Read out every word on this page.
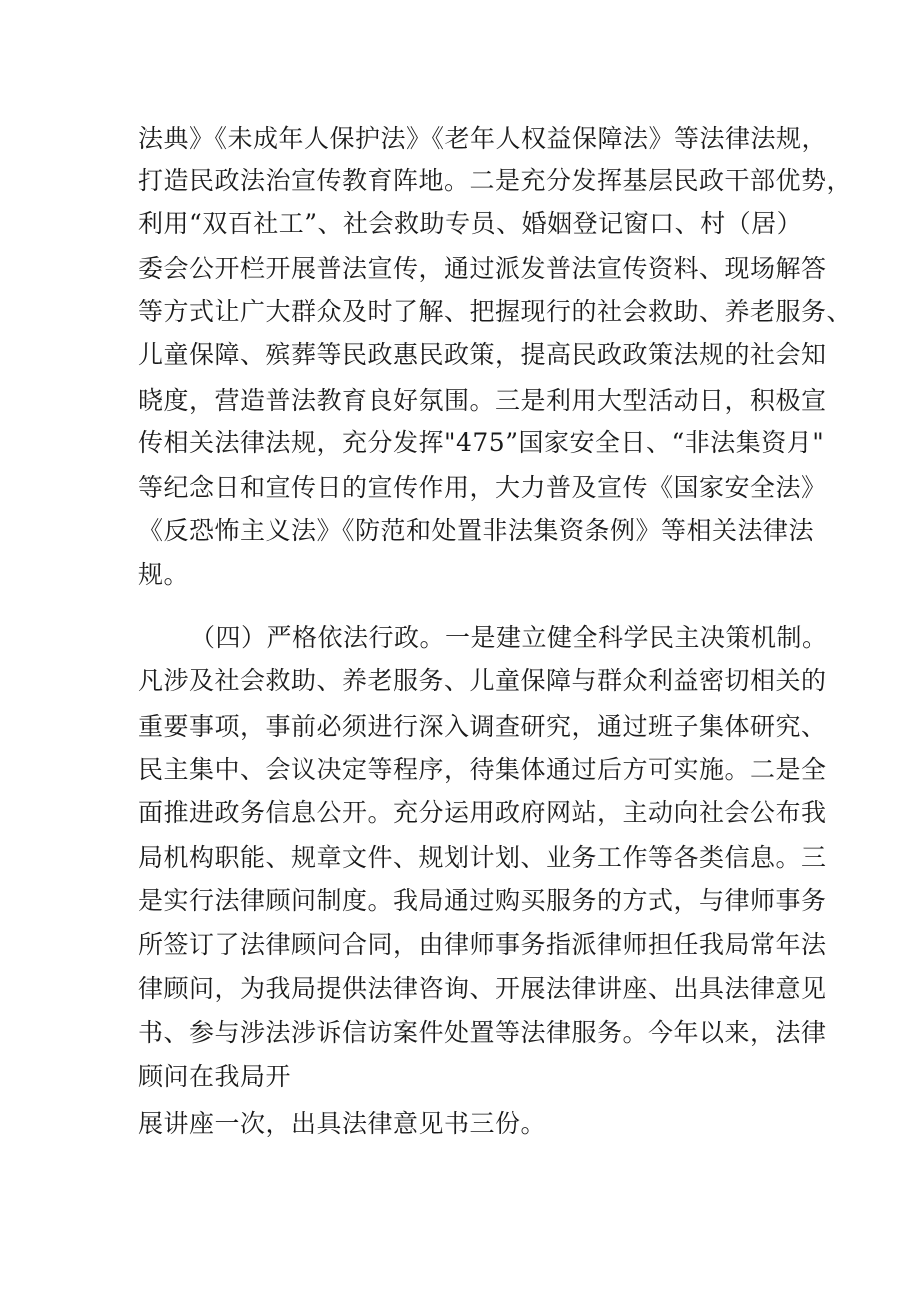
法典》《未成年人保护法》《老年人权益保障法》等法律法规，
打造民政法治宣传教育阵地。二是充分发挥基层民政干部优势，
利用“双百社工”、社会救助专员、婚姻登记窗口、村（居）
委会公开栏开展普法宣传，通过派发普法宣传资料、现场解答
等方式让广大群众及时了解、把握现行的社会救助、养老服务、
儿童保障、殡葬等民政惠民政策，提高民政政策法规的社会知
晓度，营造普法教育良好氛围。三是利用大型活动日，积极宣
传相关法律法规，充分发挥"475”国家安全日、“非法集资月"
等纪念日和宣传日的宣传作用，大力普及宣传《国家安全法》
《反恐怖主义法》《防范和处置非法集资条例》等相关法律法
规。
（四）严格依法行政。一是建立健全科学民主决策机制。
凡涉及社会救助、养老服务、儿童保障与群众利益密切相关的
重要事项，事前必须进行深入调查研究，通过班子集体研究、
民主集中、会议决定等程序，待集体通过后方可实施。二是全
面推进政务信息公开。充分运用政府网站，主动向社会公布我
局机构职能、规章文件、规划计划、业务工作等各类信息。三
是实行法律顾问制度。我局通过购买服务的方式，与律师事务
所签订了法律顾问合同，由律师事务指派律师担任我局常年法
律顾问，为我局提供法律咨询、开展法律讲座、出具法律意见
书、参与涉法涉诉信访案件处置等法律服务。今年以来，法律
顾问在我局开
展讲座一次，出具法律意见书三份。
